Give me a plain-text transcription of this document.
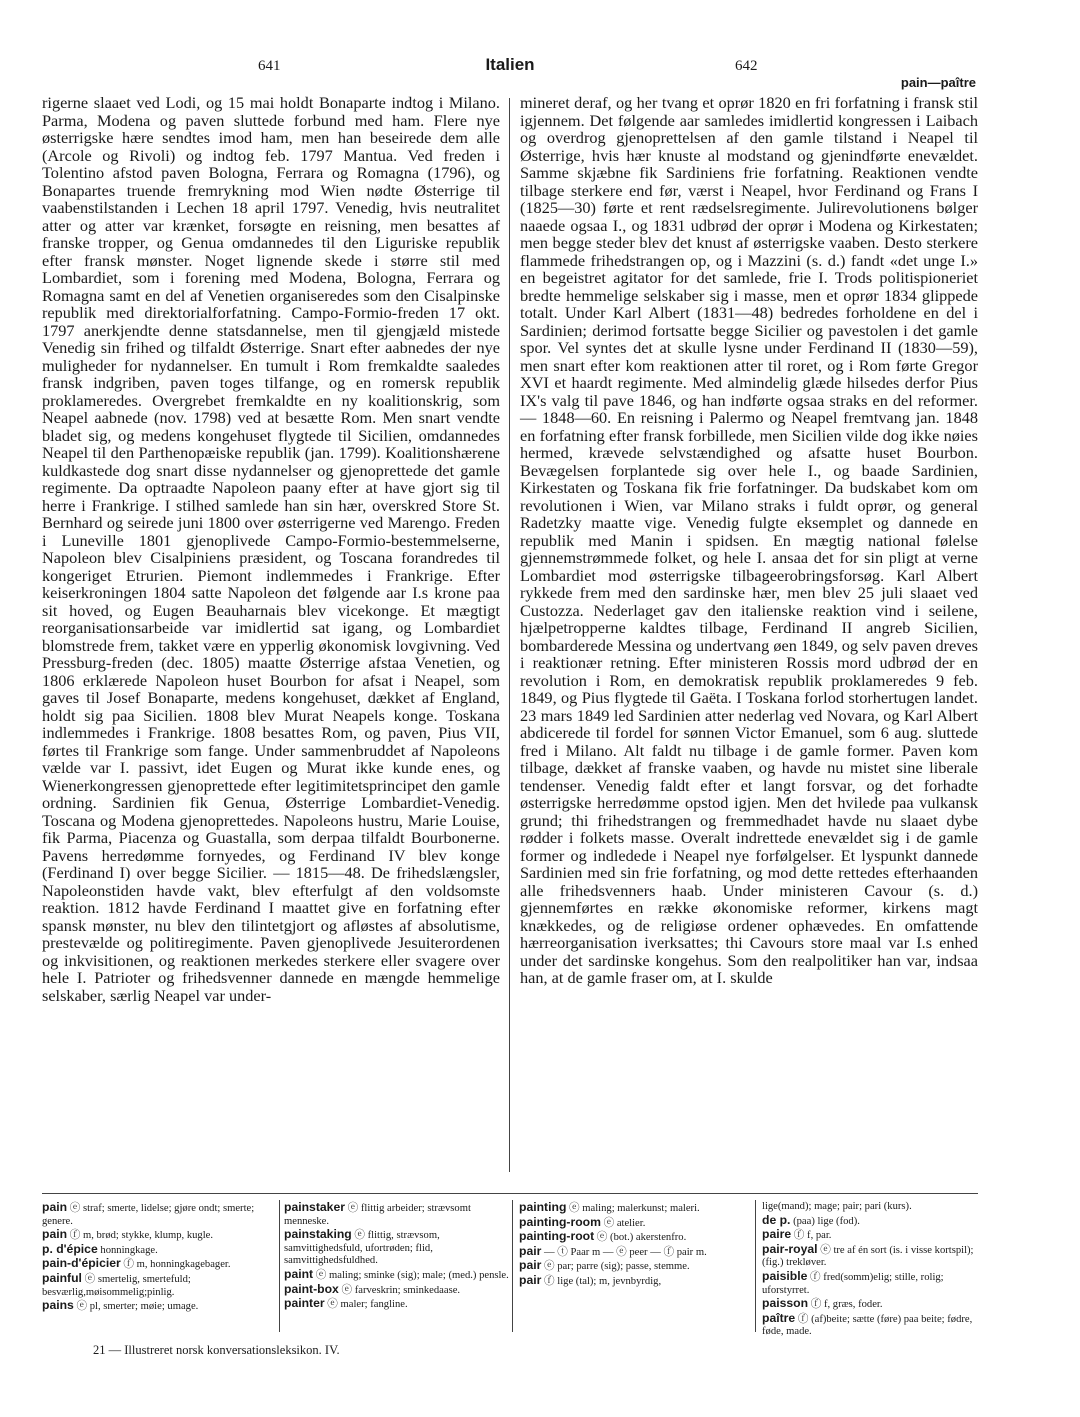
641	Italien	642
pain—paître
rigerne slaaet ved Lodi, og 15 mai holdt Bonaparte indtog i Milano. Parma, Modena og paven sluttede forbund med ham. Flere nye østerrigske hære sendtes imod ham, men han beseirede dem alle (Arcole og Rivoli) og indtog feb. 1797 Mantua. Ved freden i Tolentino afstod paven Bologna, Ferrara og Romagna (1796), og Bonapartes truende fremrykning mod Wien nødte Østerrige til vaabenstilstanden i Lechen 18 april 1797. Venedig, hvis neutralitet atter og atter var krænket, forsøgte en reisning, men besattes af franske tropper, og Genua omdannedes til den Liguriske republik efter fransk mønster. Noget lignende skede i større stil med Lombardiet, som i forening med Modena, Bologna, Ferrara og Romagna samt en del af Venetien organiseredes som den Cisalpinske republik med direktorialforfatning. Campo-Formio-freden 17 okt. 1797 anerkjendte denne statsdannelse, men til gjengjæld mistede Venedig sin frihed og tilfaldt Østerrige. Snart efter aabnedes der nye muligheder for nydannelser. En tumult i Rom fremkaldte saaledes fransk indgriben, paven toges tilfange, og en romersk republik proklameredes. Overgrebet fremkaldte en ny koalitionskrig, som Neapel aabnede (nov. 1798) ved at besætte Rom. Men snart vendte bladet sig, og medens kongehuset flygtede til Sicilien, omdannedes Neapel til den Parthenopæiske republik (jan. 1799). Koalitionshærene kuldkastede dog snart disse nydannelser og gjenoprettede det gamle regimente. Da optraadte Napoleon paany efter at have gjort sig til herre i Frankrige. I stilhed samlede han sin hær, overskred Store St. Bernhard og seirede juni 1800 over østerrigerne ved Marengo. Freden i Luneville 1801 gjenoplivede Campo-Formio-bestemmelserne, Napoleon blev Cisalpiniens præsident, og Toscana forandredes til kongeriget Etrurien. Piemont indlemmedes i Frankrige. Efter keiserkroningen 1804 satte Napoleon det følgende aar I.s krone paa sit hoved, og Eugen Beauharnais blev vicekonge. Et mægtigt reorganisationsarbeide var imidlertid sat igang, og Lombardiet blomstrede frem, takket være en ypperlig økonomisk lovgivning. Ved Pressburg-freden (dec. 1805) maatte Østerrige afstaa Venetien, og 1806 erklærede Napoleon huset Bourbon for afsat i Neapel, som gaves til Josef Bonaparte, medens kongehuset, dækket af England, holdt sig paa Sicilien. 1808 blev Murat Neapels konge. Toskana indlemmedes i Frankrige. 1808 besattes Rom, og paven, Pius VII, førtes til Frankrige som fange. Under sammenbruddet af Napoleons vælde var I. passivt, idet Eugen og Murat ikke kunde enes, og Wienerkongressen gjenoprettede efter legitimitetsprincipet den gamle ordning. Sardinien fik Genua, Østerrige Lombardiet-Venedig. Toscana og Modena gjenoprettedes. Napoleons hustru, Marie Louise, fik Parma, Piacenza og Guastalla, som derpaa tilfaldt Bourbonerne. Pavens herredømme fornyedes, og Ferdinand IV blev konge (Ferdinand I) over begge Sicilier. — 1815—48. De frihedslængsler, Napoleonstiden havde vakt, blev efterfulgt af den voldsomste reaktion. 1812 havde Ferdinand I maattet give en forfatning efter spansk mønster, nu blev den tilintetgjort og afløstes af absolutisme, prestevælde og politiregimente. Paven gjenoplivede Jesuiterordenen og inkvisitionen, og reaktionen merkedes sterkere eller svagere over hele I. Patrioter og frihedsvenner dannede en mængde hemmelige selskaber, særlig Neapel var under-
mineret deraf, og her tvang et oprør 1820 en fri forfatning i fransk stil igjennem. Det følgende aar samledes imidlertid kongressen i Laibach og overdrog gjenoprettelsen af den gamle tilstand i Neapel til Østerrige, hvis hær knuste al modstand og gjenindførte enevældet. Samme skjæbne fik Sardiniens frie forfatning. Reaktionen vendte tilbage sterkere end før, værst i Neapel, hvor Ferdinand og Frans I (1825—30) førte et rent rædselsregimente. Julirevolutionens bølger naaede ogsaa I., og 1831 udbrød der oprør i Modena og Kirkestaten; men begge steder blev det knust af østerrigske vaaben. Desto sterkere flammede frihedstrangen op, og i Mazzini (s. d.) fandt «det unge I.» en begeistret agitator for det samlede, frie I. Trods politispioneriet bredte hemmelige selskaber sig i masse, men et oprør 1834 glippede totalt. Under Karl Albert (1831—48) bedredes forholdene en del i Sardinien; derimod fortsatte begge Sicilier og pavestolen i det gamle spor. Vel syntes det at skulle lysne under Ferdinand II (1830—59), men snart efter kom reaktionen atter til roret, og i Rom førte Gregor XVI et haardt regimente. Med almindelig glæde hilsedes derfor Pius IX's valg til pave 1846, og han indførte ogsaa straks en del reformer. — 1848—60. En reisning i Palermo og Neapel fremtvang jan. 1848 en forfatning efter fransk forbillede, men Sicilien vilde dog ikke nøies hermed, krævede selvstændighed og afsatte huset Bourbon. Bevægelsen forplantede sig over hele I., og baade Sardinien, Kirkestaten og Toskana fik frie forfatninger. Da budskabet kom om revolutionen i Wien, var Milano straks i fuldt oprør, og general Radetzky maatte vige. Venedig fulgte eksemplet og dannede en republik med Manin i spidsen. En mægtig national følelse gjennemstrømmede folket, og hele I. ansaa det for sin pligt at verne Lombardiet mod østerrigske tilbageerobringsforsøg. Karl Albert rykkede frem med den sardinske hær, men blev 25 juli slaaet ved Custozza. Nederlaget gav den italienske reaktion vind i seilene, hjælpetropperne kaldtes tilbage, Ferdinand II angreb Sicilien, bombarderede Messina og undertvang øen 1849, og selv paven dreves i reaktionær retning. Efter ministeren Rossis mord udbrød der en revolution i Rom, en demokratisk republik proklameredes 9 feb. 1849, og Pius flygtede til Gaëta. I Toskana forlod storhertugen landet. 23 mars 1849 led Sardinien atter nederlag ved Novara, og Karl Albert abdicerede til fordel for sønnen Victor Emanuel, som 6 aug. sluttede fred i Milano. Alt faldt nu tilbage i de gamle former. Paven kom tilbage, dækket af franske vaaben, og havde nu mistet sine liberale tendenser. Venedig faldt efter et langt forsvar, og det forhadte østerrigske herredømme opstod igjen. Men det hvilede paa vulkansk grund; thi frihedstrangen og fremmedhadet havde nu slaaet dybe rødder i folkets masse. Overalt indrettede enevældet sig i de gamle former og indledede i Neapel nye forfølgelser. Et lyspunkt dannede Sardinien med sin frie forfatning, og mod dette rettedes efterhaanden alle frihedsvenners haab. Under ministeren Cavour (s. d.) gjennemførtes en række økonomiske reformer, kirkens magt knækkedes, og de religiøse ordener ophævedes. En omfattende hærreorganisation iverksattes; thi Cavours store maal var I.s enhed under det sardinske kongehus. Som den realpolitiker han var, indsaa han, at de gamle fraser om, at I. skulde
pain ⓔ straf; smerte, lidelse; gjøre ondt; smerte; genere.
pain ⓕ m, brød; stykke, klump, kugle.
p. d'épice honningkage.
pain-d'épicier ⓕ m, honningkagebager.
painful ⓔ smertelig, smertefuld; besværlig,møisommelig;pinlig.
pains ⓔ pl, smerter; møie; umage.
painstaker ⓔ flittig arbeider; strævsomt menneske.
painstaking ⓔ flittig, strævsom, samvittighedsfuld, ufortrøden; flid, samvittighedsfuldhed.
paint ⓔ maling; sminke (sig); male; (med.) pensle.
paint-box ⓔ farveskrin; sminkedaase.
painter ⓔ maler; fangline.
painting ⓔ maling; malerkunst; maleri.
painting-room ⓔ atelier.
painting-root ⓔ (bot.) akerstenfro.
pair — ⓣ Paar m — ⓔ peer — ⓕ pair m.
pair ⓔ par; parre (sig); passe, stemme.
pair ⓕ lige (tal); m, jevnbyrdig,
lige(mand); mage; pair; pari (kurs).
de p. (paa) lige (fod).
paire ⓕ f, par.
pair-royal ⓔ tre af én sort (is. i visse kortspil); (fig.) trekløver.
paisible ⓕ fred(somm)elig; stille, rolig; uforstyrret.
paisson ⓕ f, græs, foder.
paître ⓕ (af)beite; sætte (føre) paa beite; fødre, føde, made.
21 — Illustreret norsk konversationsleksikon. IV.
